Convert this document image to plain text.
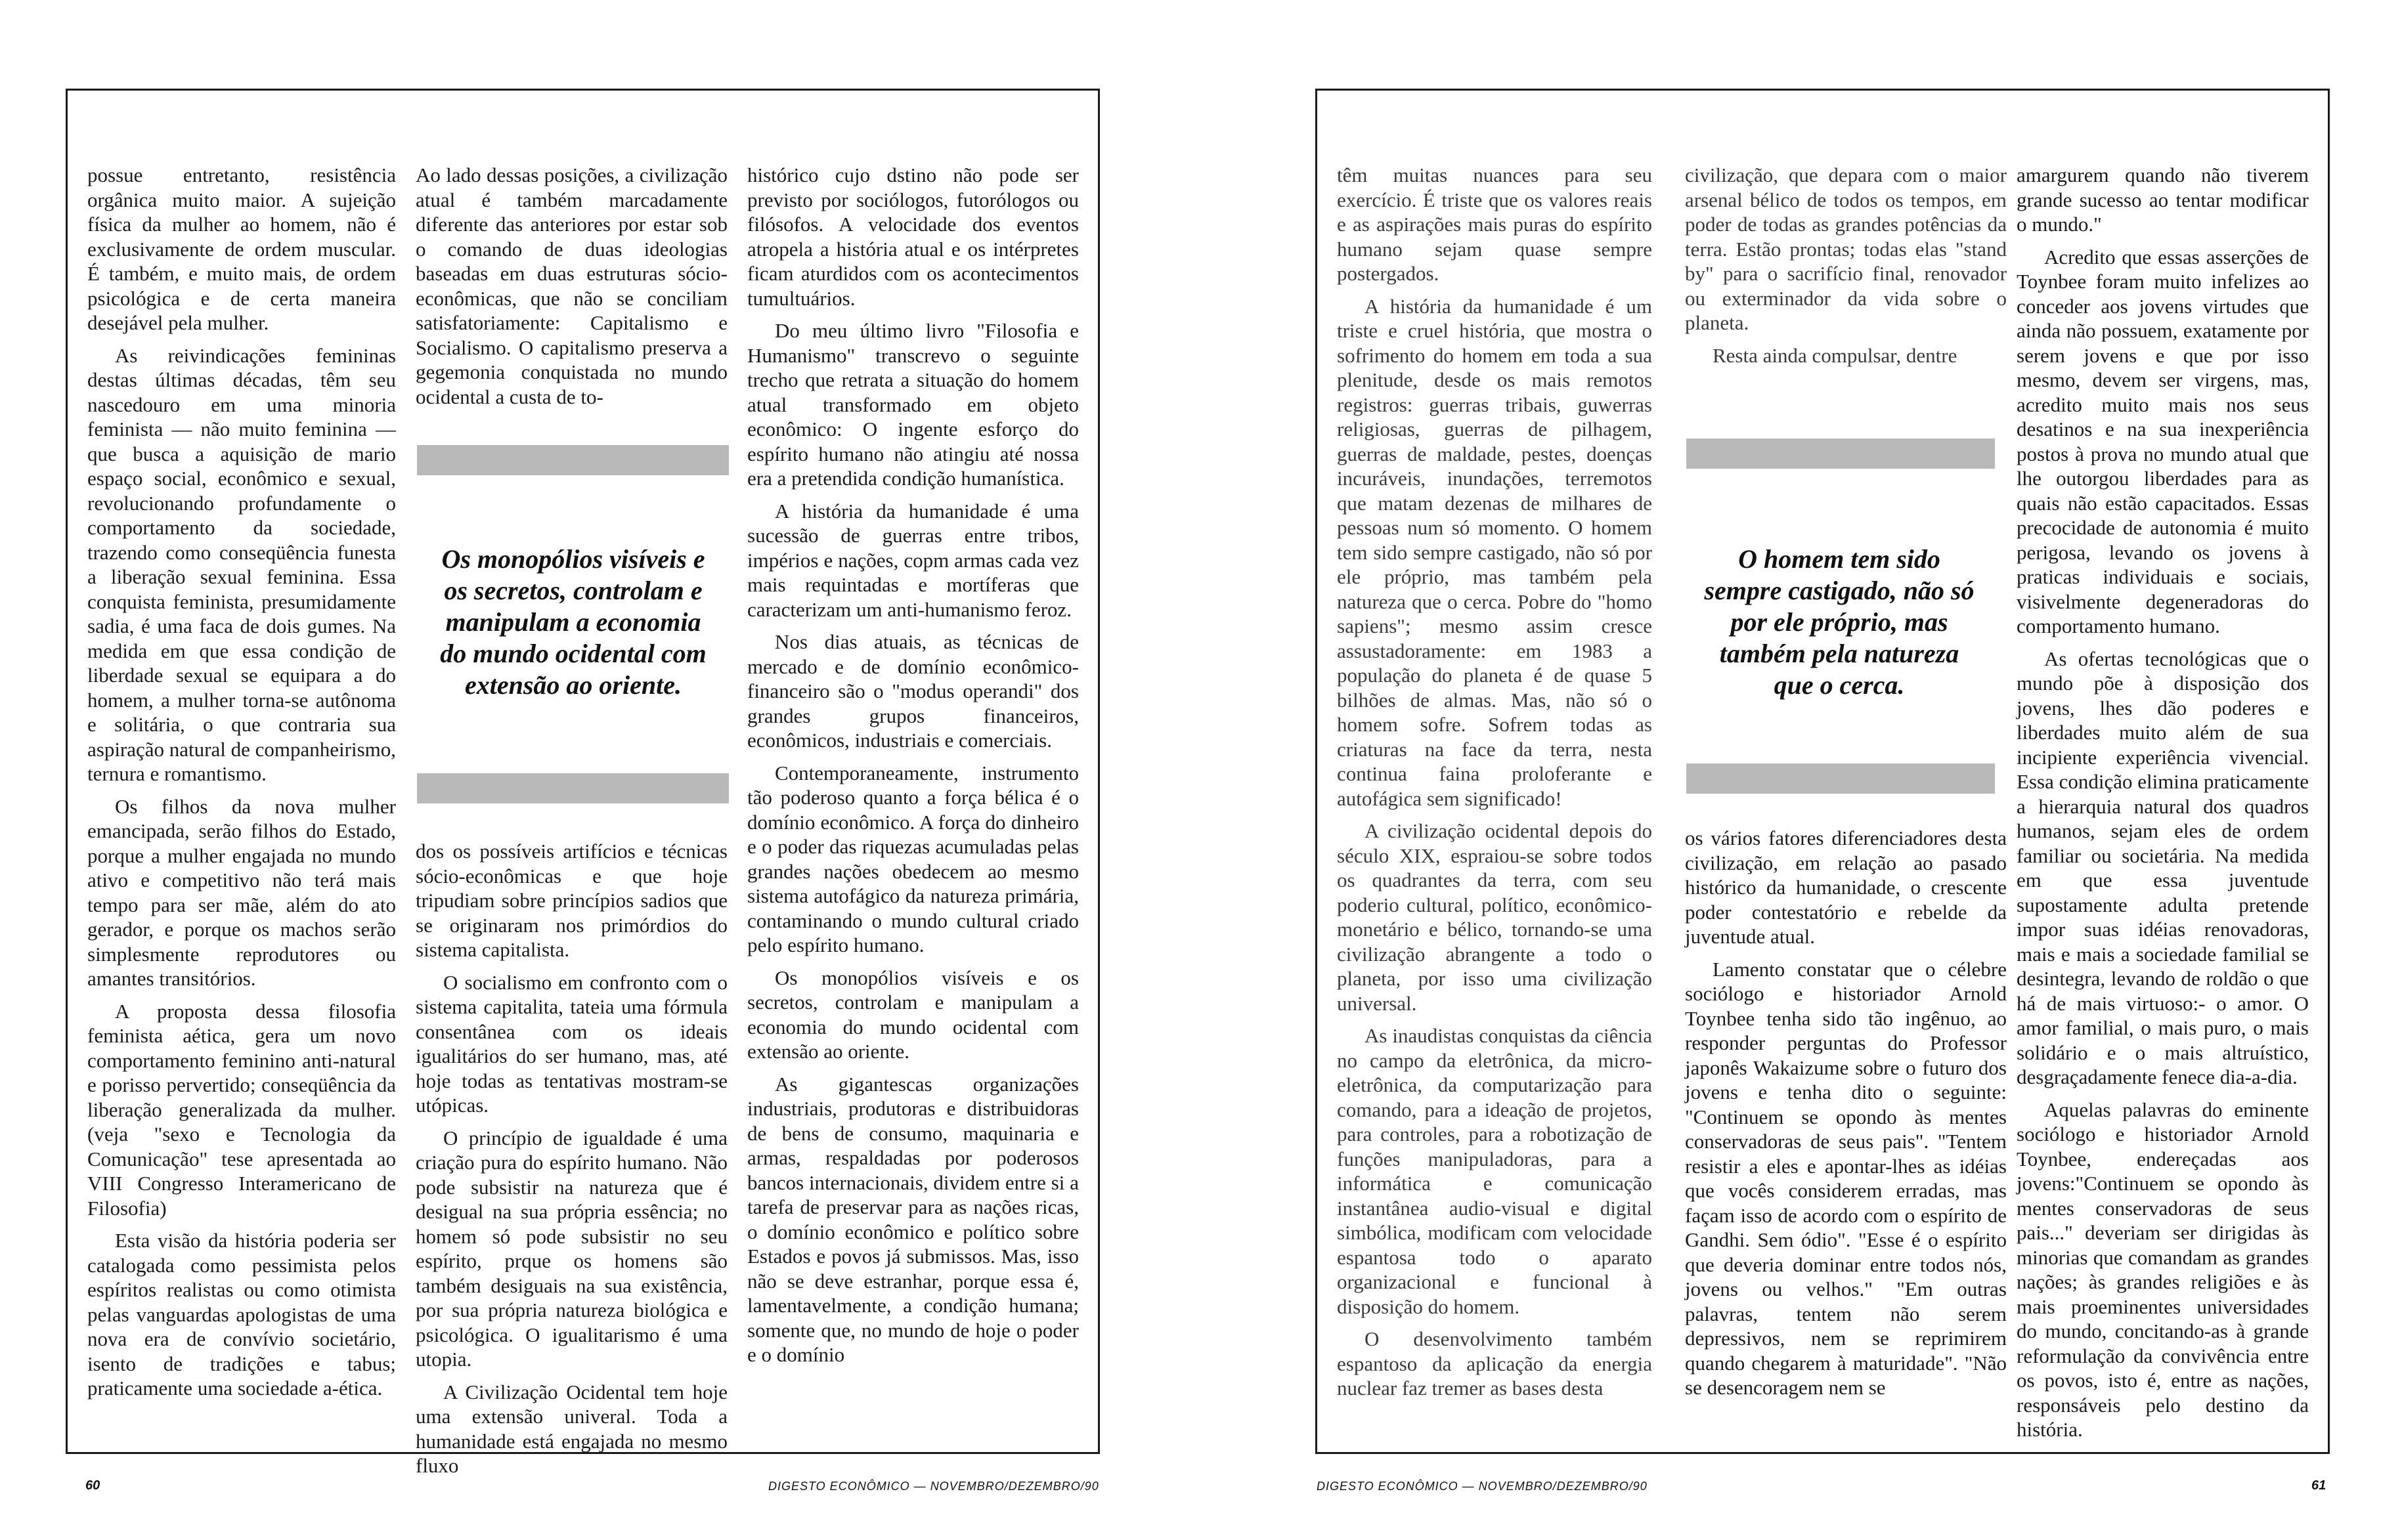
possue entretanto, resistência orgânica muito maior. A sujeição física da mulher ao homem, não é exclusivamente de ordem muscular. É também, e muito mais, de ordem psicológica e de certa maneira desejável pela mulher.

As reivindicações femininas destas últimas décadas, têm seu nascedouro em uma minoria feminista — não muito feminina — que busca a aquisição de mario espaço social, econômico e sexual, revolucionando profundamente o comportamento da sociedade, trazendo como conseqüência funesta a liberação sexual feminina. Essa conquista feminista, presumidamente sadia, é uma faca de dois gumes. Na medida em que essa condição de liberdade sexual se equipara a do homem, a mulher torna-se autônoma e solitária, o que contraria sua aspiração natural de companheirismo, ternura e romantismo.

Os filhos da nova mulher emancipada, serão filhos do Estado, porque a mulher engajada no mundo ativo e competitivo não terá mais tempo para ser mãe, além do ato gerador, e porque os machos serão simplesmente reprodutores ou amantes transitórios.

A proposta dessa filosofia feminista aética, gera um novo comportamento feminino anti-natural e porisso pervertido; conseqüência da liberação generalizada da mulher. (veja "sexo e Tecnologia da Comunicação" tese apresentada ao VIII Congresso Interamericano de Filosofia)

Esta visão da história poderia ser catalogada como pessimista pelos espíritos realistas ou como otimista pelas vanguardas apologistas de uma nova era de convívio societário, isento de tradições e tabus; praticamente uma sociedade a-ética.

Ao lado dessas posições, a civilização atual é também marcadamente diferente das anteriores por estar sob o comando de duas ideologias baseadas em duas estruturas sócio-econômicas, que não se conciliam satisfatoriamente: Capitalismo e Socialismo. O capitalismo preserva a gegemonia conquistada no mundo ocidental a custa de to-

Os monopólios visíveis e os secretos, controlam e manipulam a economia do mundo ocidental com extensão ao oriente.

dos os possíveis artifícios e técnicas sócio-econômicas e que hoje tripudiam sobre princípios sadios que se originaram nos primórdios do sistema capitalista.

O socialismo em confronto com o sistema capitalita, tateia uma fórmula consentânea com os ideais igualitários do ser humano, mas, até hoje todas as tentativas mostram-se utópicas.

O princípio de igualdade é uma criação pura do espírito humano. Não pode subsistir na natureza que é desigual na sua própria essência; no homem só pode subsistir no seu espírito, prque os homens são também desiguais na sua existência, por sua própria natureza biológica e psicológica. O igualitarismo é uma utopia.

A Civilização Ocidental tem hoje uma extensão univeral. Toda a humanidade está engajada no mesmo fluxo

histórico cujo dstino não pode ser previsto por sociólogos, futorólogos ou filósofos. A velocidade dos eventos atropela a história atual e os intérpretes ficam aturdidos com os acontecimentos tumultuários.

Do meu último livro "Filosofia e Humanismo" transcrevo o seguinte trecho que retrata a situação do homem atual transformado em objeto econômico: O ingente esforço do espírito humano não atingiu até nossa era a pretendida condição humanística.

A história da humanidade é uma sucessão de guerras entre tribos, impérios e nações, copm armas cada vez mais requintadas e mortíferas que caracterizam um anti-humanismo feroz.

Nos dias atuais, as técnicas de mercado e de domínio econômico-financeiro são o "modus operandi" dos grandes grupos financeiros, econômicos, industriais e comerciais.

Contemporaneamente, instrumento tão poderoso quanto a força bélica é o domínio econômico. A força do dinheiro e o poder das riquezas acumuladas pelas grandes nações obedecem ao mesmo sistema autofágico da natureza primária, contaminando o mundo cultural criado pelo espírito humano.

Os monopólios visíveis e os secretos, controlam e manipulam a economia do mundo ocidental com extensão ao oriente.

As gigantescas organizações industriais, produtoras e distribuidoras de bens de consumo, maquinaria e armas, respaldadas por poderosos bancos internacionais, dividem entre si a tarefa de preservar para as nações ricas, o domínio econômico e político sobre Estados e povos já submissos. Mas, isso não se deve estranhar, porque essa é, lamentavelmente, a condição humana; somente que, no mundo de hoje o poder e o domínio

têm muitas nuances para seu exercício. É triste que os valores reais e as aspirações mais puras do espírito humano sejam quase sempre postergados.

A história da humanidade é um triste e cruel história, que mostra o sofrimento do homem em toda a sua plenitude, desde os mais remotos registros: guerras tribais, guwerras religiosas, guerras de pilhagem, guerras de maldade, pestes, doenças incuráveis, inundações, terremotos que matam dezenas de milhares de pessoas num só momento. O homem tem sido sempre castigado, não só por ele próprio, mas também pela natureza que o cerca. Pobre do "homo sapiens"; mesmo assim cresce assustadoramente: em 1983 a população do planeta é de quase 5 bilhões de almas. Mas, não só o homem sofre. Sofrem todas as criaturas na face da terra, nesta continua faina proloferante e autofágica sem significado!

A civilização ocidental depois do século XIX, espraiou-se sobre todos os quadrantes da terra, com seu poderio cultural, político, econômico-monetário e bélico, tornando-se uma civilização abrangente a todo o planeta, por isso uma civilização universal.

As inaudistas conquistas da ciência no campo da eletrônica, da micro-eletrônica, da computarização para comando, para a ideação de projetos, para controles, para a robotização de funções manipuladoras, para a informática e comunicação instantânea audio-visual e digital simbólica, modificam com velocidade espantosa todo o aparato organizacional e funcional à disposição do homem.

O desenvolvimento também espantoso da aplicação da energia nuclear faz tremer as bases desta

civilização, que depara com o maior arsenal bélico de todos os tempos, em poder de todas as grandes potências da terra. Estão prontas; todas elas "stand by" para o sacrifício final, renovador ou exterminador da vida sobre o planeta.

Resta ainda compulsar, dentre

O homem tem sido sempre castigado, não só por ele próprio, mas também pela natureza que o cerca.

os vários fatores diferenciadores desta civilização, em relação ao pasado histórico da humanidade, o crescente poder contestatório e rebelde da juventude atual.

Lamento constatar que o célebre sociólogo e historiador Arnold Toynbee tenha sido tão ingênuo, ao responder perguntas do Professor japonês Wakaizume sobre o futuro dos jovens e tenha dito o seguinte: "Continuem se opondo às mentes conservadoras de seus pais". "Tentem resistir a eles e apontar-lhes as idéias que vocês considerem erradas, mas façam isso de acordo com o espírito de Gandhi. Sem ódio". "Esse é o espírito que deveria dominar entre todos nós, jovens ou velhos." "Em outras palavras, tentem não serem depressivos, nem se reprimirem quando chegarem à maturidade". "Não se desencoragem nem se

amargurem quando não tiverem grande sucesso ao tentar modificar o mundo."

Acredito que essas asserções de Toynbee foram muito infelizes ao conceder aos jovens virtudes que ainda não possuem, exatamente por serem jovens e que por isso mesmo, devem ser virgens, mas, acredito muito mais nos seus desatinos e na sua inexperiência postos à prova no mundo atual que lhe outorgou liberdades para as quais não estão capacitados. Essas precocidade de autonomia é muito perigosa, levando os jovens à praticas individuais e sociais, visivelmente degeneradoras do comportamento humano.

As ofertas tecnológicas que o mundo põe à disposição dos jovens, lhes dão poderes e liberdades muito além de sua incipiente experiência vivencial. Essa condição elimina praticamente a hierarquia natural dos quadros humanos, sejam eles de ordem familiar ou societária. Na medida em que essa juventude supostamente adulta pretende impor suas idéias renovadoras, mais e mais a sociedade familial se desintegra, levando de roldão o que há de mais virtuoso:- o amor. O amor familial, o mais puro, o mais solidário e o mais altruístico, desgraçadamente fenece dia-a-dia.

Aquelas palavras do eminente sociólogo e historiador Arnold Toynbee, endereçadas aos jovens:"Continuem se opondo às mentes conservadoras de seus pais..." deveriam ser dirigidas às minorias que comandam as grandes nações; às grandes religiões e às mais proeminentes universidades do mundo, concitando-as à grande reformulação da convivência entre os povos, isto é, entre as nações, responsáveis pelo destino da história.

60	DIGESTO ECONÔMICO — NOVEMBRO/DEZEMBRO/90	DIGESTO ECONÔMICO — NOVEMBRO/DEZEMBRO/90	61
